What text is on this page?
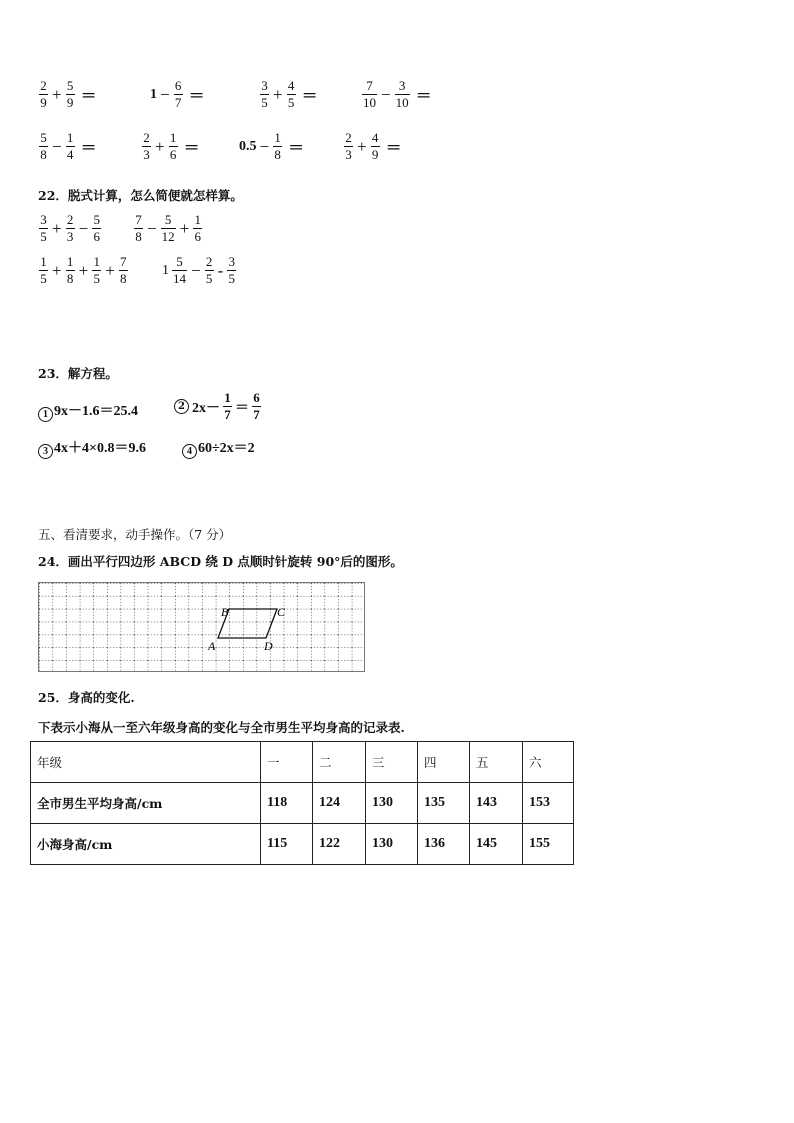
$\frac{2}{9} + \frac{5}{9}$ ＝	$1 - \frac{6}{7}$ ＝	$\frac{3}{5} + \frac{4}{5}$ ＝	$\frac{7}{10} - \frac{3}{10}$ ＝
$\frac{5}{8} - \frac{1}{4}$ ＝	$\frac{2}{3} + \frac{1}{6}$ ＝	$0.5 - \frac{1}{8}$ ＝	$\frac{2}{3} + \frac{4}{9}$ ＝
22．脱式计算，怎么简便就怎样算。
$\frac{3}{5} + \frac{2}{3} - \frac{5}{6}$	$\frac{7}{8} - \frac{5}{12} + \frac{1}{6}$
$\frac{1}{5} + \frac{1}{8} + \frac{1}{5} + \frac{7}{8} 1 \frac{5}{14} - \frac{2}{5} - \frac{3}{5}$
23．解方程。
1 9x－1.6＝25.4	2 $2x- \frac{1}{7} = \frac{6}{7}$
3 4x＋4×0.8＝9.6	4 60÷2x＝2
五、看清要求，动手操作。（7 分）
24．画出平行四边形 ABCD 绕 D 点顺时针旋转 90°后的图形。
B	C
A	D
25．身高的变化.
下表示小海从一至六年级身高的变化与全市男生平均身高的记录表.
年级	一	二	三	四	五	六
全市男生平均身高/cm	118	124	130	135	143	153
小海身高/cm	115	122	130	136	145	155
